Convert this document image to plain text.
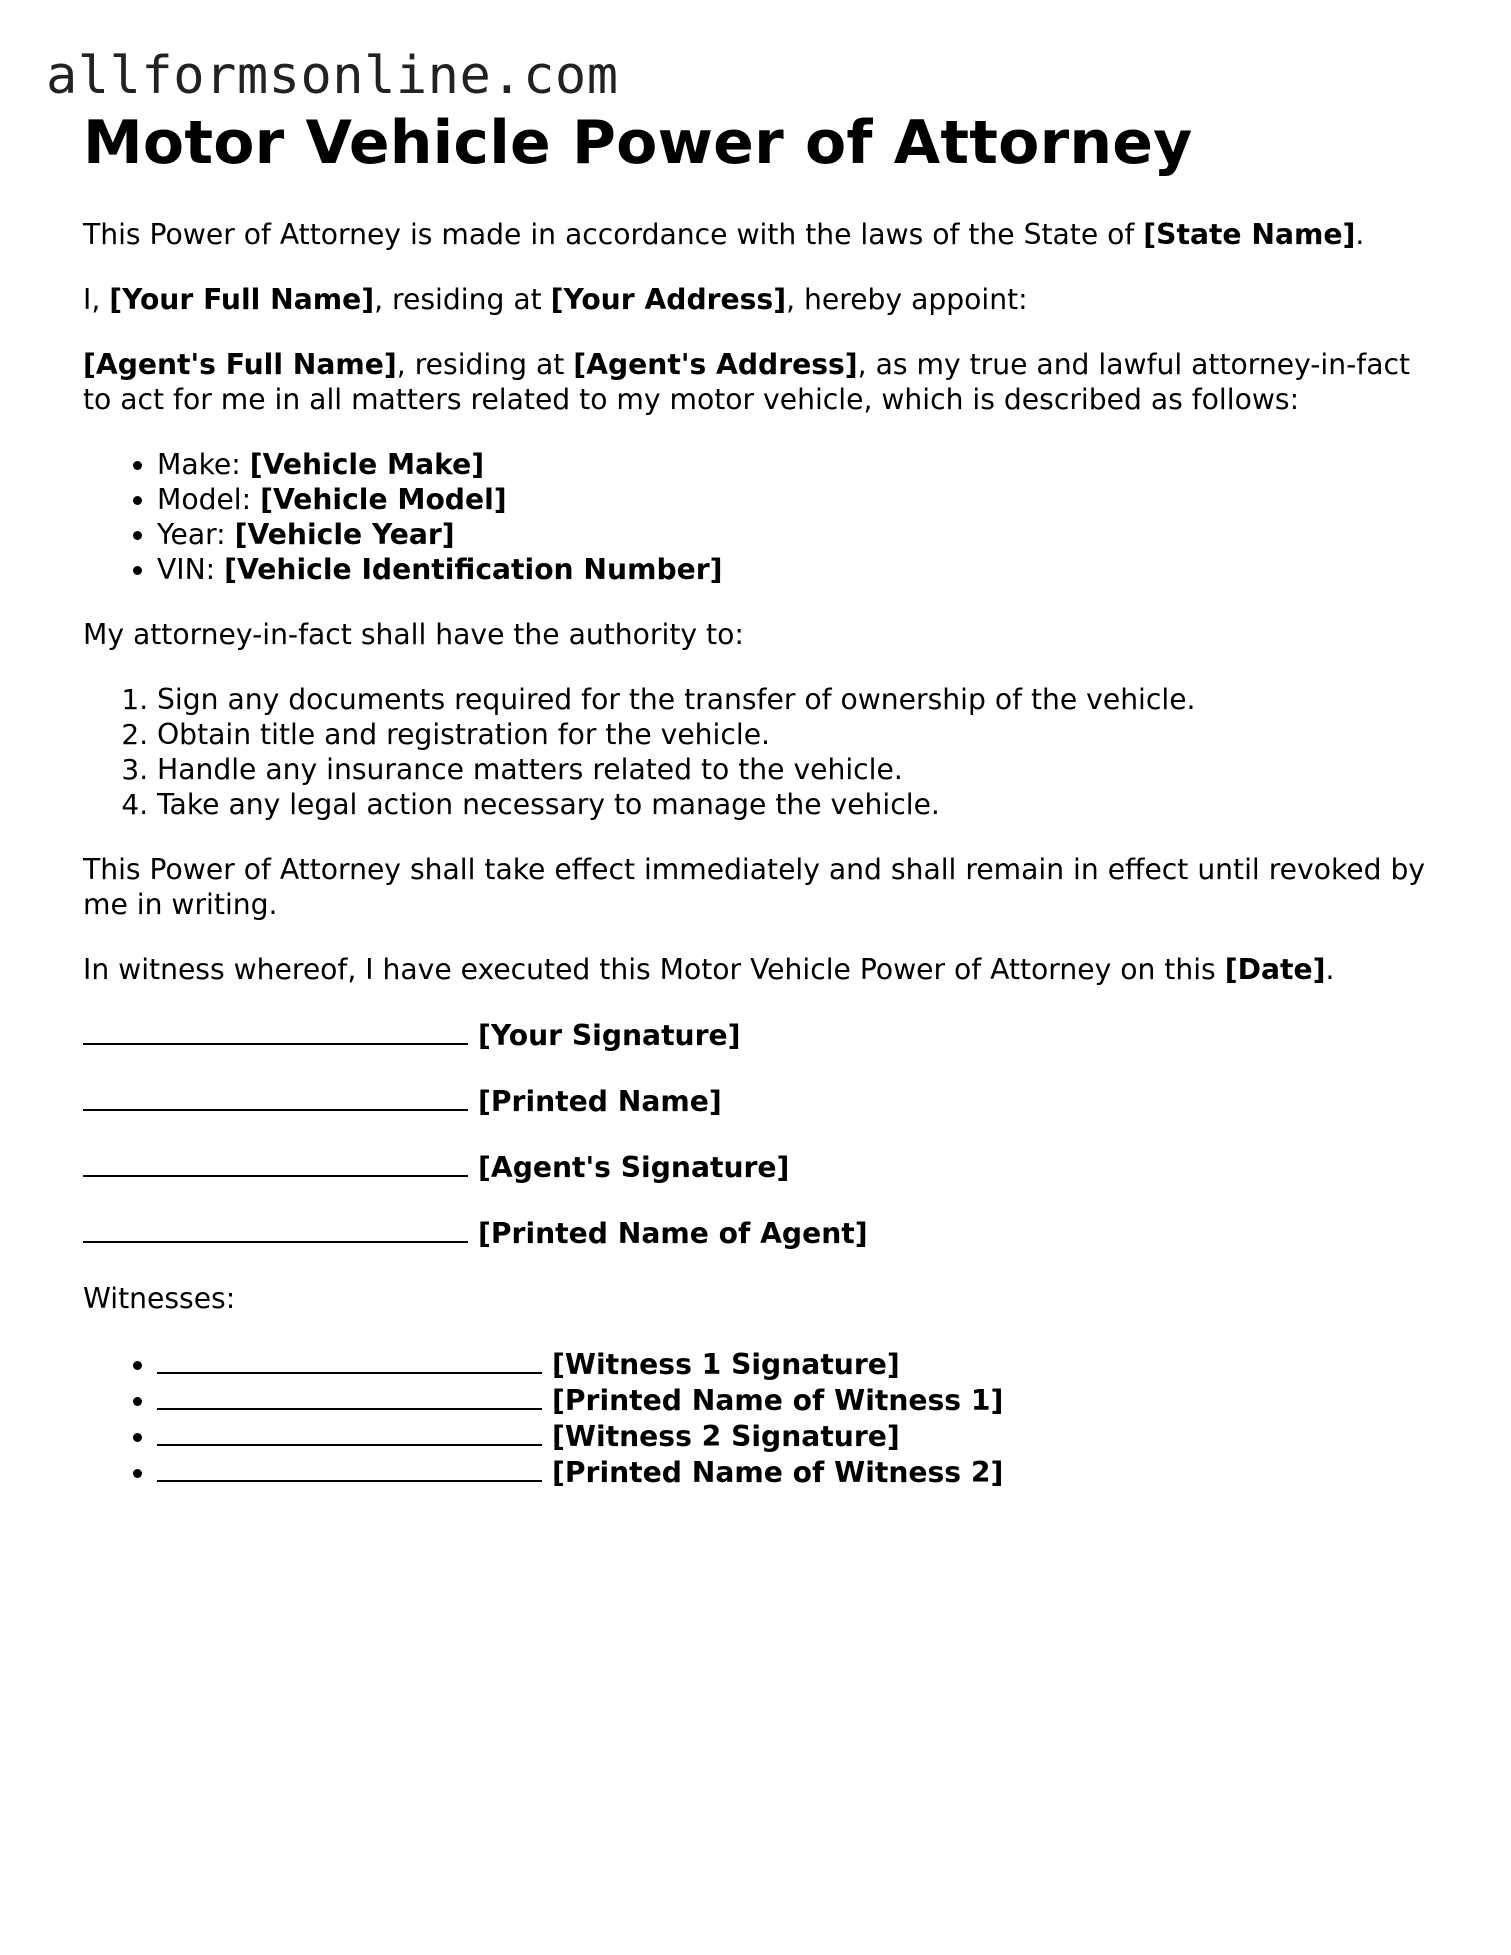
allformsonline.com
Motor Vehicle Power of Attorney

This Power of Attorney is made in accordance with the laws of the State of [State Name].

I, [Your Full Name], residing at [Your Address], hereby appoint:

[Agent's Full Name], residing at [Agent's Address], as my true and lawful attorney-in-fact to act for me in all matters related to my motor vehicle, which is described as follows:

• Make: [Vehicle Make]
• Model: [Vehicle Model]
• Year: [Vehicle Year]
• VIN: [Vehicle Identification Number]

My attorney-in-fact shall have the authority to:

1. Sign any documents required for the transfer of ownership of the vehicle.
2. Obtain title and registration for the vehicle.
3. Handle any insurance matters related to the vehicle.
4. Take any legal action necessary to manage the vehicle.

This Power of Attorney shall take effect immediately and shall remain in effect until revoked by me in writing.

In witness whereof, I have executed this Motor Vehicle Power of Attorney on this [Date].

[Your Signature]

[Printed Name]

[Agent's Signature]

[Printed Name of Agent]

Witnesses:

• [Witness 1 Signature]
• [Printed Name of Witness 1]
• [Witness 2 Signature]
• [Printed Name of Witness 2]
